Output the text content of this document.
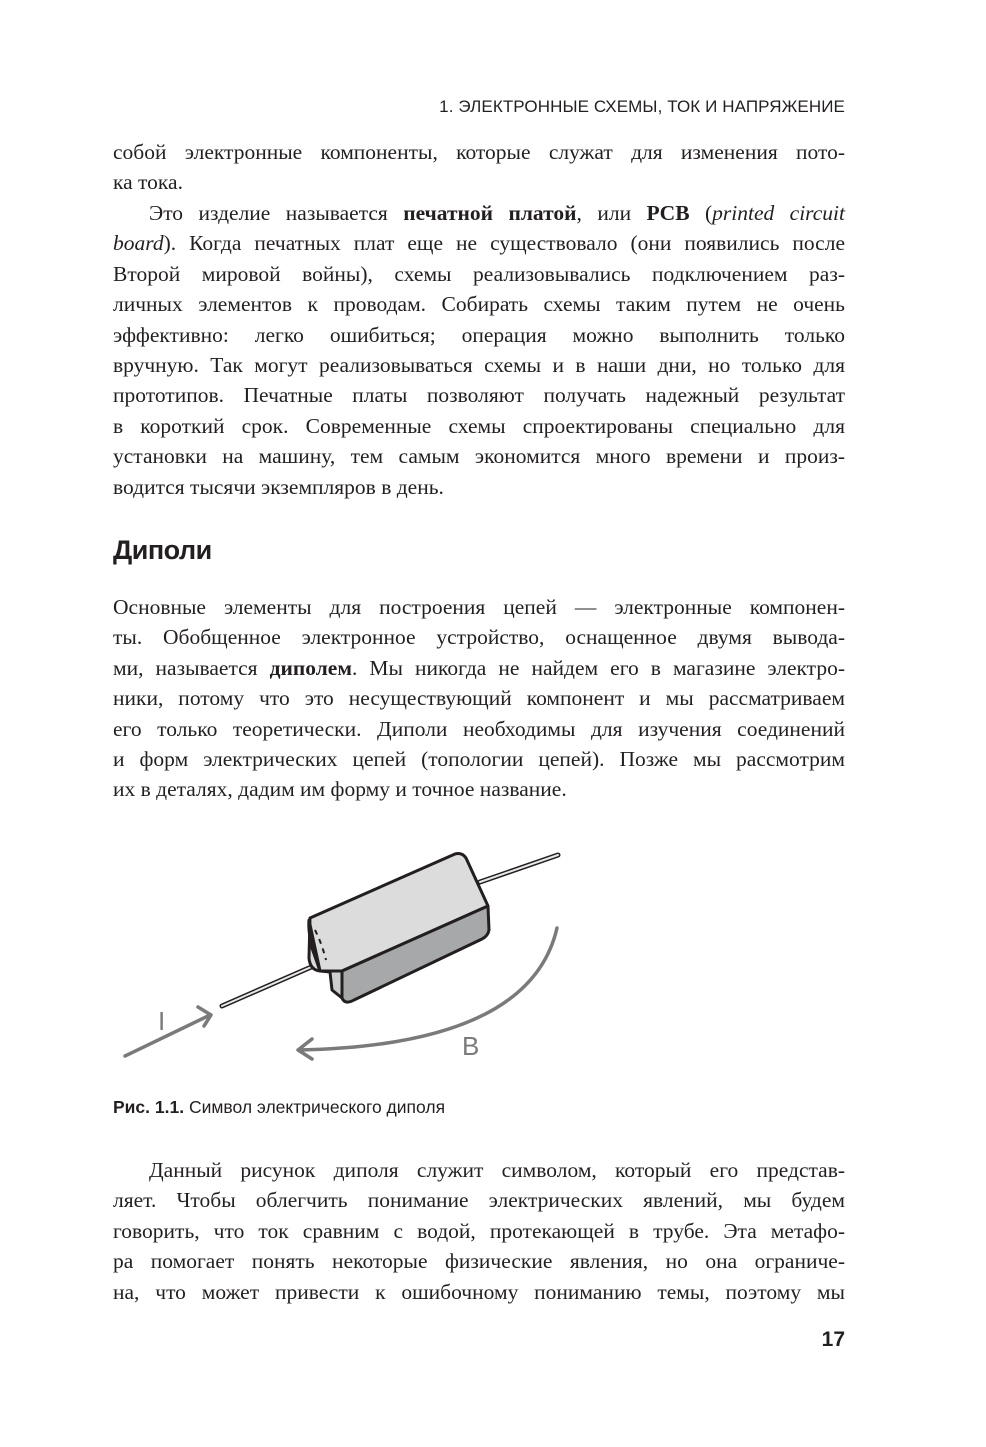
1. ЭЛЕКТРОННЫЕ СХЕМЫ, ТОК И НАПРЯЖЕНИЕ
собой электронные компоненты, которые служат для изменения пото-
ка тока.
Это изделие называется печатной платой, или PCB (printed circuit
board). Когда печатных плат еще не существовало (они появились после
Второй мировой войны), схемы реализовывались подключением раз-
личных элементов к проводам. Собирать схемы таким путем не очень
эффективно: легко ошибиться; операция можно выполнить только
вручную. Так могут реализовываться схемы и в наши дни, но только для
прототипов. Печатные платы позволяют получать надежный результат
в короткий срок. Современные схемы спроектированы специально для
установки на машину, тем самым экономится много времени и произ-
водится тысячи экземпляров в день.
Диполи
Основные элементы для построения цепей — электронные компонен-
ты. Обобщенное электронное устройство, оснащенное двумя вывода-
ми, называется диполем. Мы никогда не найдем его в магазине электро-
ники, потому что это несуществующий компонент и мы рассматриваем
его только теоретически. Диполи необходимы для изучения соединений
и форм электрических цепей (топологии цепей). Позже мы рассмотрим
их в деталях, дадим им форму и точное название.
I
B
Рис. 1.1. Символ электрического диполя
Данный рисунок диполя служит символом, который его представ-
ляет. Чтобы облегчить понимание электрических явлений, мы будем
говорить, что ток сравним с водой, протекающей в трубе. Эта метафо-
ра помогает понять некоторые физические явления, но она ограниче-
на, что может привести к ошибочному пониманию темы, поэтому мы
17
